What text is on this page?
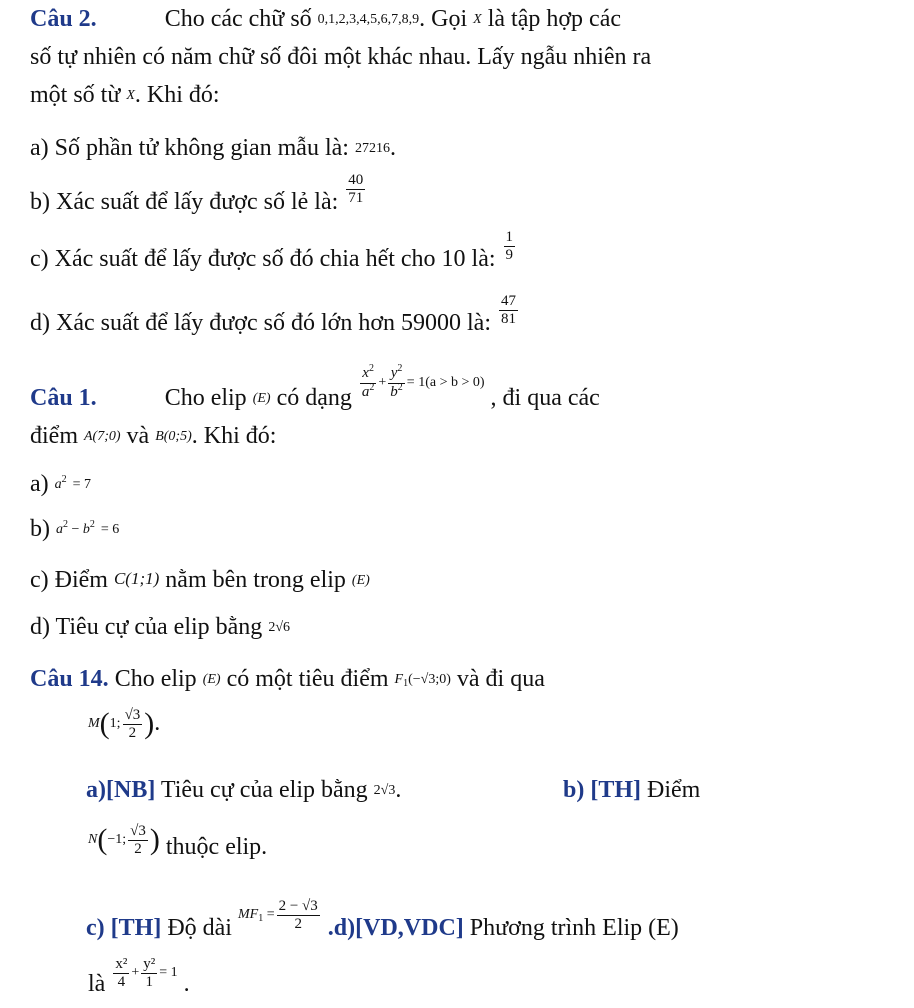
Câu 2.	Cho các chữ số 0,1,2,3,4,5,6,7,8,9. Gọi X là tập hợp các
số tự nhiên có năm chữ số đôi một khác nhau. Lấy ngẫu nhiên ra
một số từ X. Khi đó:
a) Số phần tử không gian mẫu là: 27216.
b) Xác suất để lấy được số lẻ là: $\frac{40}{71}$
c) Xác suất để lấy được số đó chia hết cho 10 là: $\frac{1}{9}$
d) Xác suất để lấy được số đó lớn hơn 59000 là: $\frac{47}{81}$
Câu 1.	Cho elip (E) có dạng $\frac{x^2}{a^2} + \frac{y^2}{b^2} = 1(a > b > 0)$ , đi qua các
điểm A(7;0) và B(0;5). Khi đó:
a) $a^2 = 7$
b) $a^2 - b^2 = 6$
c) Điểm C(1;1) nằm bên trong elip (E)
d) Tiêu cự của elip bằng 2√6
Câu 14. Cho elip (E) có một tiêu điểm $F_1(-√3;0)$ và đi qua
M(1; $\frac{√3}{2}$ ).
a)[NB] Tiêu cự của elip bằng 2√3.	b) [TH] Điểm
N(−1; $\frac{√3}{2}$ ) thuộc elip.
c) [TH] Độ dài $MF_1 = \frac{2 - √3}{2} .d)[VD,VDC]$ Phương trình Elip (E)
là $\frac{\text{x²}}{4} + \frac{\text{y²}}{1} = 1$ .
